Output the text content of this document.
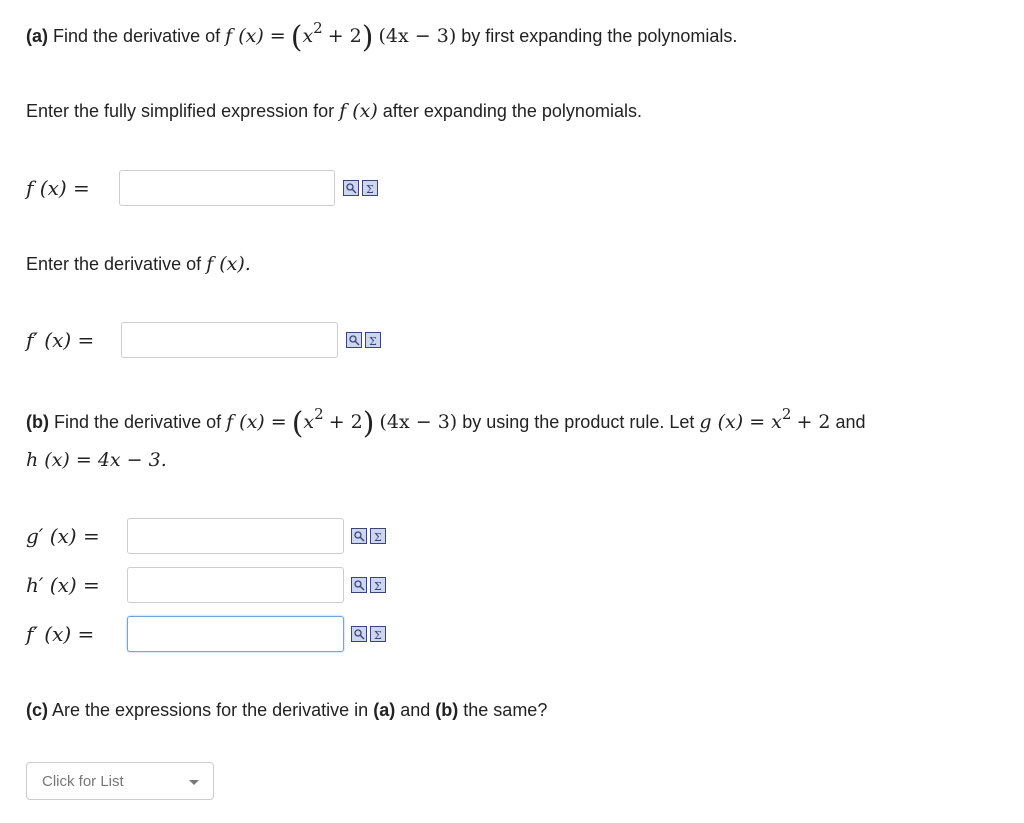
(a) Find the derivative of f $(x) = (x^2 + 2) (4x - 3)$ by first expanding the polynomials.
Enter the fully simplified expression for f (x) after expanding the polynomials.
f (x) =	Σ
Enter the derivative of f (x).
f′ (x) =	Σ
(b) Find the derivative of f $(x) = (x^2 + 2) (4x - 3)$ by using the product rule. Let g $(x) = x^2 + 2$ and
h (x) = 4x − 3.
g′ (x) =	Σ
h′ (x) =	Σ
f′ (x) =	Σ
(c) Are the expressions for the derivative in (a) and (b) the same?
Click for List
